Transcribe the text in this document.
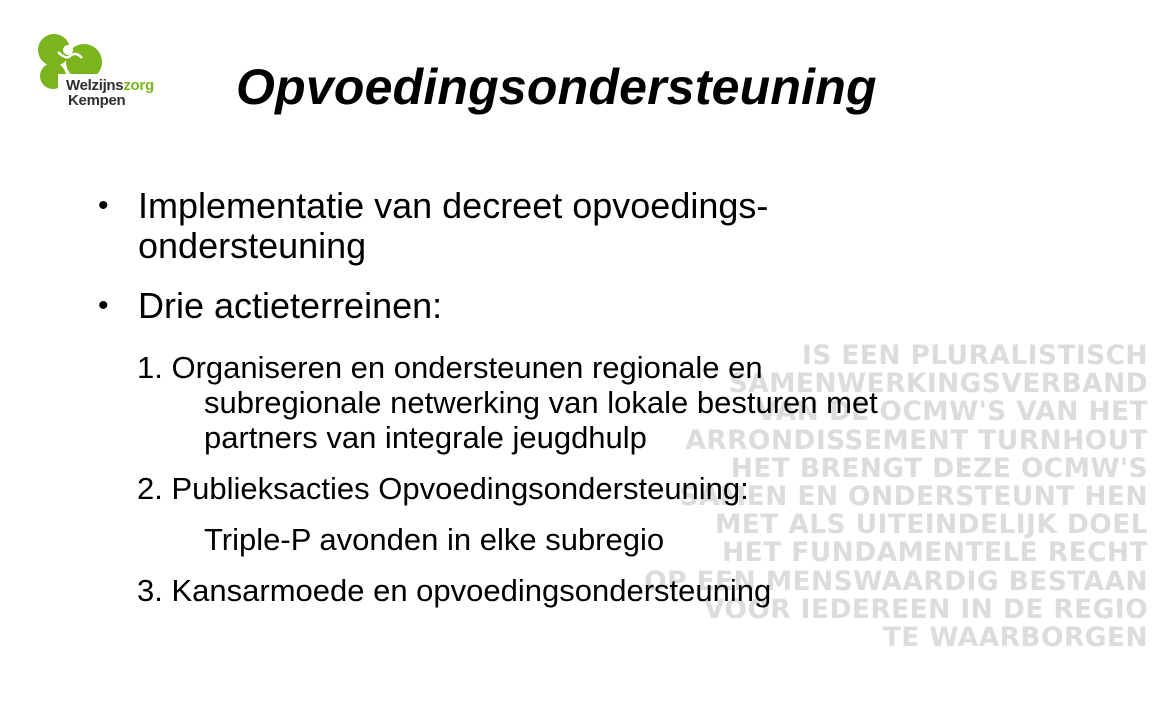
IS EEN PLURALISTISCH
SAMENWERKINGSVERBAND
VAN DE OCMW'S VAN HET
ARRONDISSEMENT TURNHOUT
HET BRENGT DEZE OCMW'S
SAMEN EN ONDERSTEUNT HEN
MET ALS UITEINDELIJK DOEL
HET FUNDAMENTELE RECHT
OP EEN MENSWAARDIG BESTAAN
VOOR IEDEREEN IN DE REGIO
TE WAARBORGEN
Welzijnszorg
Kempen	Opvoedingsondersteuning
• Implementatie van decreet opvoedings-
ondersteuning
• Drie actieterreinen:
1. Organiseren en ondersteunen regionale en
subregionale netwerking van lokale besturen met
partners van integrale jeugdhulp
2. Publieksacties Opvoedingsondersteuning:
Triple-P avonden in elke subregio
3. Kansarmoede en opvoedingsondersteuning
